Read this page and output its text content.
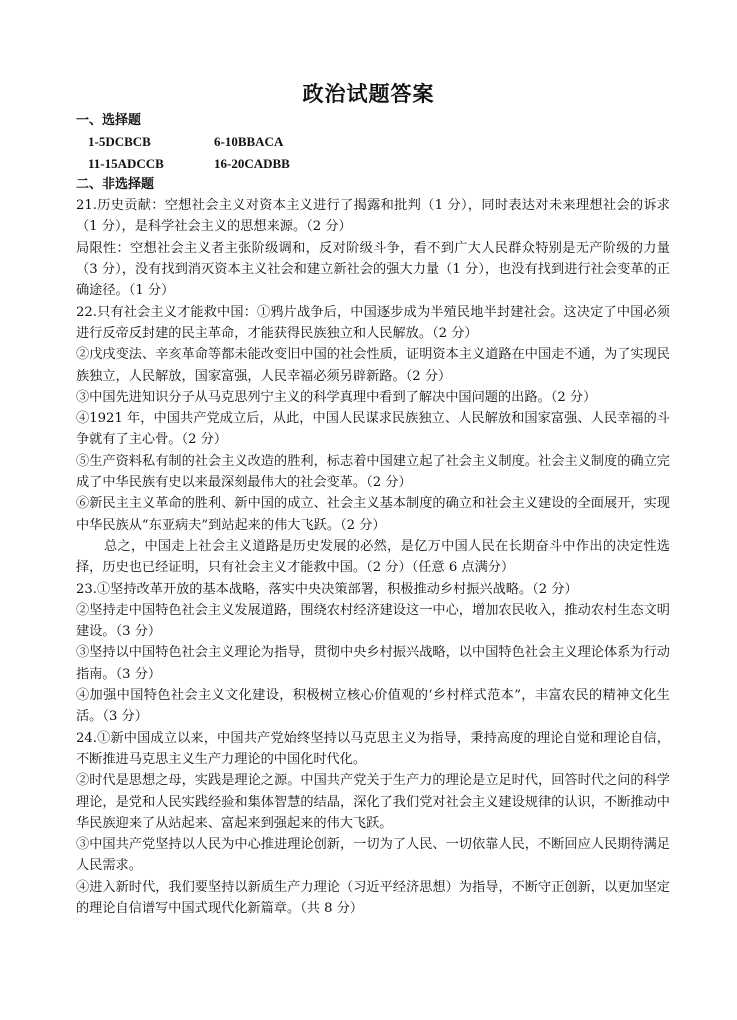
政治试题答案
一、选择题
1-5DCBCB	6-10BBACA
11-15ADCCB	16-20CADBB
二、非选择题

21.历史贡献：空想社会主义对资本主义进行了揭露和批判（1 分），同时表达对未来理想社会的诉求（1 分），是科学社会主义的思想来源。（2 分）

局限性：空想社会主义者主张阶级调和，反对阶级斗争，看不到广大人民群众特别是无产阶级的力量（3 分），没有找到消灭资本主义社会和建立新社会的强大力量（1 分），也没有找到进行社会变革的正确途径。（1 分）

22.只有社会主义才能救中国：①鸦片战争后，中国逐步成为半殖民地半封建社会。这决定了中国必须进行反帝反封建的民主革命，才能获得民族独立和人民解放。（2 分）

②戊戌变法、辛亥革命等都未能改变旧中国的社会性质，证明资本主义道路在中国走不通，为了实现民族独立，人民解放，国家富强，人民幸福必须另辟新路。（2 分）

③中国先进知识分子从马克思列宁主义的科学真理中看到了解决中国问题的出路。（2 分）

④1921 年，中国共产党成立后，从此，中国人民谋求民族独立、人民解放和国家富强、人民幸福的斗争就有了主心骨。（2 分）

⑤生产资料私有制的社会主义改造的胜利，标志着中国建立起了社会主义制度。社会主义制度的确立完成了中华民族有史以来最深刻最伟大的社会变革。（2 分）

⑥新民主主义革命的胜利、新中国的成立、社会主义基本制度的确立和社会主义建设的全面展开，实现中华民族从“东亚病夫”到站起来的伟大飞跃。（2 分）

总之，中国走上社会主义道路是历史发展的必然，是亿万中国人民在长期奋斗中作出的决定性选择，历史也已经证明，只有社会主义才能救中国。（2 分）（任意 6 点满分）

23.①坚持改革开放的基本战略，落实中央决策部署，积极推动乡村振兴战略。（2 分）

②坚持走中国特色社会主义发展道路，围绕农村经济建设这一中心，增加农民收入，推动农村生态文明建设。（3 分）

③坚持以中国特色社会主义理论为指导，贯彻中央乡村振兴战略，以中国特色社会主义理论体系为行动指南。（3 分）

④加强中国特色社会主义文化建设，积极树立核心价值观的‘乡村样式范本”，丰富农民的精神文化生活。（3 分）

24.①新中国成立以来，中国共产党始终坚持以马克思主义为指导，秉持高度的理论自觉和理论自信，不断推进马克思主义生产力理论的中国化时代化。

②时代是思想之母，实践是理论之源。中国共产党关于生产力的理论是立足时代，回答时代之问的科学理论，是党和人民实践经验和集体智慧的结晶，深化了我们党对社会主义建设规律的认识，不断推动中华民族迎来了从站起来、富起来到强起来的伟大飞跃。

③中国共产党坚持以人民为中心推进理论创新，一切为了人民、一切依靠人民，不断回应人民期待满足人民需求。

④进入新时代，我们要坚持以新质生产力理论（习近平经济思想）为指导，不断守正创新，以更加坚定的理论自信谱写中国式现代化新篇章。（共 8 分）
